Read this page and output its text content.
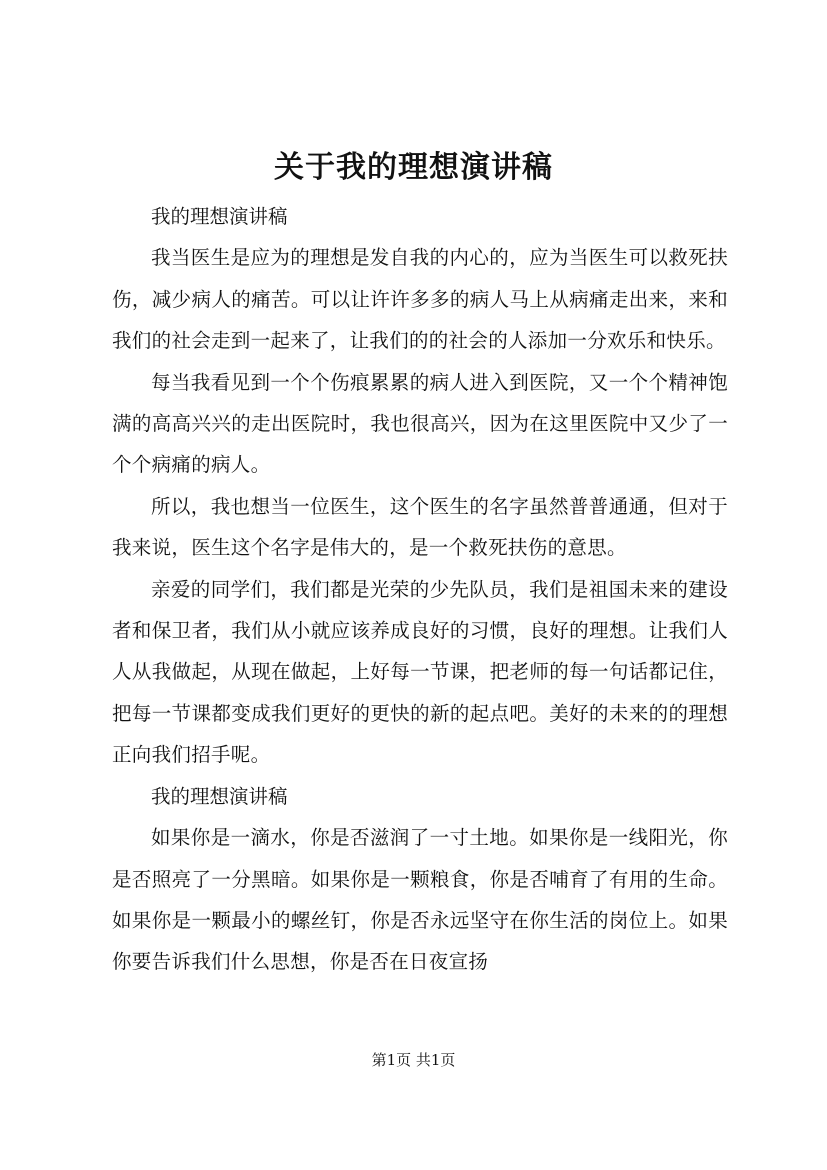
关于我的理想演讲稿

我的理想演讲稿

我当医生是应为的理想是发自我的内心的，应为当医生可以救死扶伤，减少病人的痛苦。可以让许许多多的病人马上从病痛走出来，来和我们的社会走到一起来了，让我们的的社会的人添加一分欢乐和快乐。

每当我看见到一个个伤痕累累的病人进入到医院，又一个个精神饱满的高高兴兴的走出医院时，我也很高兴，因为在这里医院中又少了一个个病痛的病人。

所以，我也想当一位医生，这个医生的名字虽然普普通通，但对于我来说，医生这个名字是伟大的，是一个救死扶伤的意思。

亲爱的同学们，我们都是光荣的少先队员，我们是祖国未来的建设者和保卫者，我们从小就应该养成良好的习惯，良好的理想。让我们人人从我做起，从现在做起，上好每一节课，把老师的每一句话都记住，把每一节课都变成我们更好的更快的新的起点吧。美好的未来的的理想正向我们招手呢。

我的理想演讲稿

如果你是一滴水，你是否滋润了一寸土地。如果你是一线阳光，你是否照亮了一分黑暗。如果你是一颗粮食，你是否哺育了有用的生命。如果你是一颗最小的螺丝钉，你是否永远坚守在你生活的岗位上。如果你要告诉我们什么思想，你是否在日夜宣扬

第1页 共1页
